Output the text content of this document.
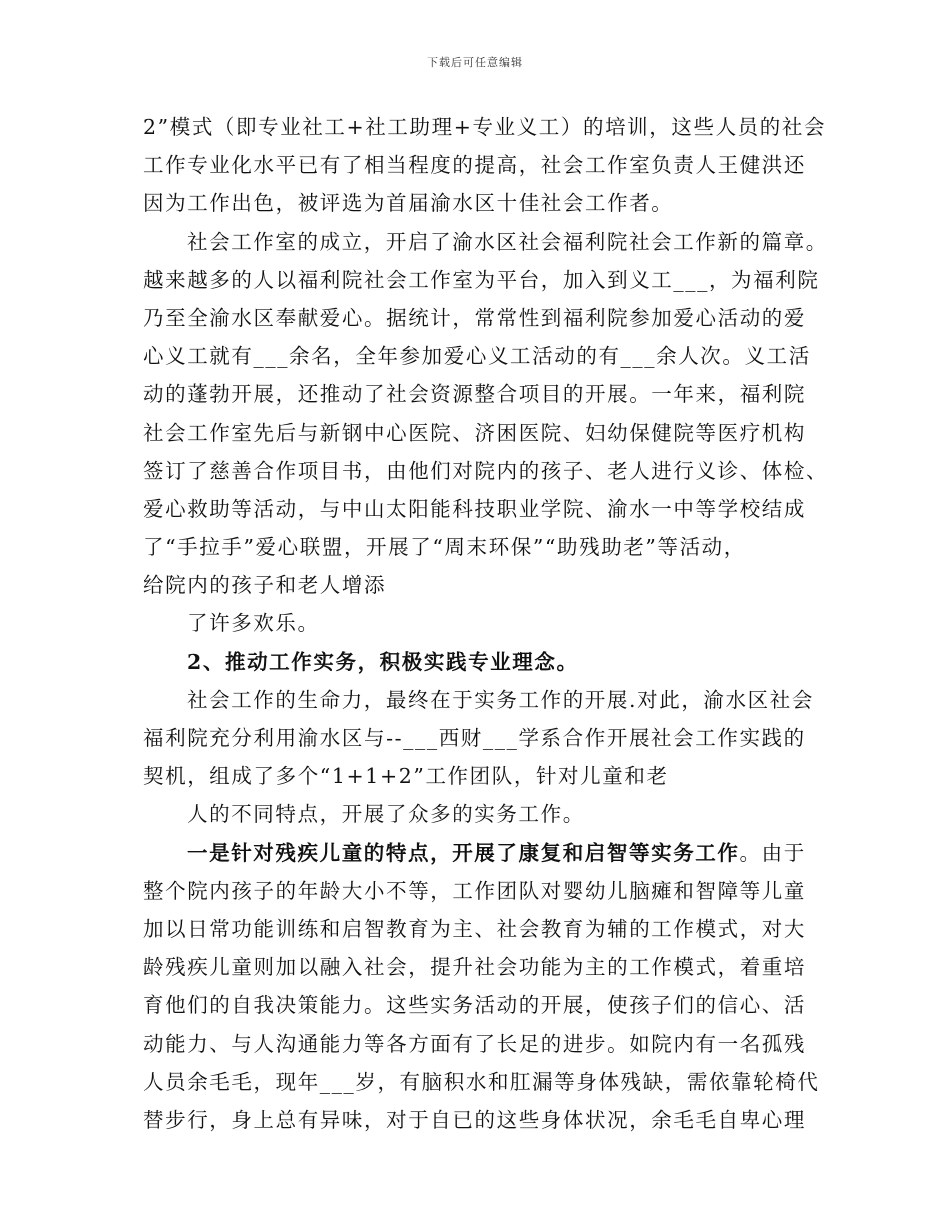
下载后可任意编辑
2”模式（即专业社工+社工助理+专业义工）的培训，这些人员的社会
工作专业化水平已有了相当程度的提高，社会工作室负责人王健洪还
因为工作出色，被评选为首届渝水区十佳社会工作者。
社会工作室的成立，开启了渝水区社会福利院社会工作新的篇章。
越来越多的人以福利院社会工作室为平台，加入到义工___，为福利院
乃至全渝水区奉献爱心。据统计，常常性到福利院参加爱心活动的爱
心义工就有___余名，全年参加爱心义工活动的有___余人次。义工活
动的蓬勃开展，还推动了社会资源整合项目的开展。一年来，福利院
社会工作室先后与新钢中心医院、济困医院、妇幼保健院等医疗机构
签订了慈善合作项目书，由他们对院内的孩子、老人进行义诊、体检、
爱心救助等活动，与中山太阳能科技职业学院、渝水一中等学校结成
了“手拉手”爱心联盟，开展了“周末环保”“助残助老”等活动，
给院内的孩子和老人增添
了许多欢乐。
2、推动工作实务，积极实践专业理念。
社会工作的生命力，最终在于实务工作的开展.对此，渝水区社会
福利院充分利用渝水区与--___西财___学系合作开展社会工作实践的
契机，组成了多个“1+1+2”工作团队，针对儿童和老
人的不同特点，开展了众多的实务工作。
一是针对残疾儿童的特点，开展了康复和启智等实务工作。由于
整个院内孩子的年龄大小不等，工作团队对婴幼儿脑瘫和智障等儿童
加以日常功能训练和启智教育为主、社会教育为辅的工作模式，对大
龄残疾儿童则加以融入社会，提升社会功能为主的工作模式，着重培
育他们的自我决策能力。这些实务活动的开展，使孩子们的信心、活
动能力、与人沟通能力等各方面有了长足的进步。如院内有一名孤残
人员余毛毛，现年___岁，有脑积水和肛漏等身体残缺，需依靠轮椅代
替步行，身上总有异味，对于自已的这些身体状况，余毛毛自卑心理
